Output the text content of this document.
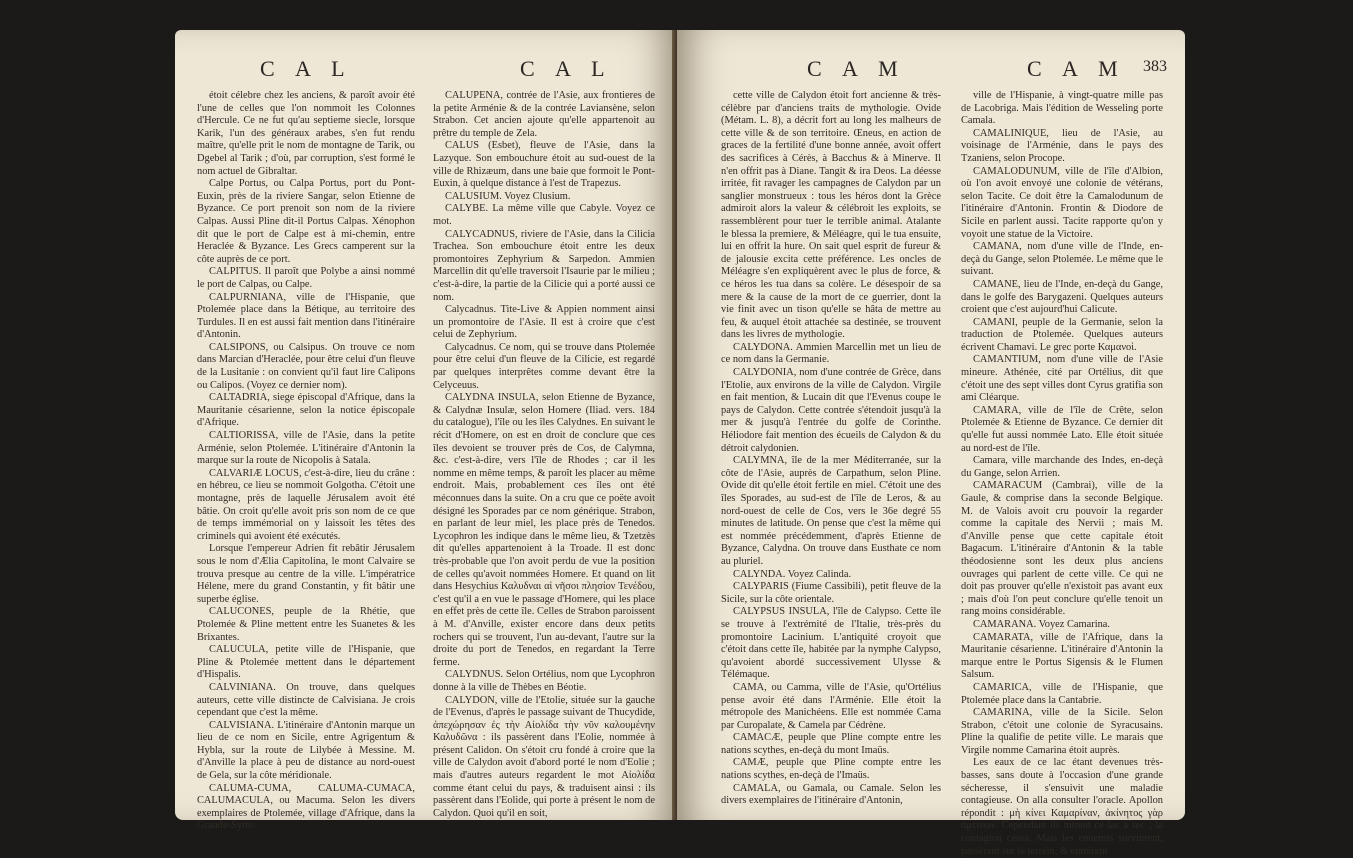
C A L	C A L

étoit célebre chez les anciens, & paroît avoir été l'une de celles que l'on nommoit les Colonnes d'Hercule. Ce ne fut qu'au septieme siecle, lorsque Karik, l'un des généraux arabes, s'en fut rendu maître, qu'elle prit le nom de montagne de Tarik, ou Dgebel al Tarik ; d'où, par corruption, s'est formé le nom actuel de Gibraltar.

Calpe Portus, ou Calpa Portus, port du Pont-Euxin, près de la riviere Sangar, selon Etienne de Byzance. Ce port prenoit son nom de la riviere Calpas. Aussi Pline dit-il Portus Calpas. Xénophon dit que le port de Calpe est à mi-chemin, entre Heraclée & Byzance. Les Grecs camperent sur la côte auprès de ce port.

CALPITUS. Il paroît que Polybe a ainsi nommé le port de Calpas, ou Calpe.

CALPURNIANA, ville de l'Hispanie, que Ptolemée place dans la Bétique, au territoire des Turdules. Il en est aussi fait mention dans l'itinéraire d'Antonin.

CALSIPONS, ou Calsipus. On trouve ce nom dans Marcian d'Heraclée, pour être celui d'un fleuve de la Lusitanie : on convient qu'il faut lire Calipons ou Calipos. (Voyez ce dernier nom).

CALTADRIA, siege épiscopal d'Afrique, dans la Mauritanie césarienne, selon la notice épiscopale d'Afrique.

CALTIORISSA, ville de l'Asie, dans la petite Arménie, selon Ptolemée. L'itinéraire d'Antonin la marque sur la route de Nicopolis à Satala.

CALVARIÆ LOCUS, c'est-à-dire, lieu du crâne : en hébreu, ce lieu se nommoit Golgotha. C'étoit une montagne, près de laquelle Jérusalem avoit été bâtie. On croit qu'elle avoit pris son nom de ce que de temps immémorial on y laissoit les têtes des criminels qui avoient été exécutés.

Lorsque l'empereur Adrien fit rebâtir Jérusalem sous le nom d'Ælia Capitolina, le mont Calvaire se trouva presque au centre de la ville. L'impératrice Hélene, mere du grand Constantin, y fit bâtir une superbe église.

CALUCONES, peuple de la Rhétie, que Ptolemée & Pline mettent entre les Suanetes & les Brixantes.

CALUCULA, petite ville de l'Hispanie, que Pline & Ptolemée mettent dans le département d'Hispalis.

CALVINIANA. On trouve, dans quelques auteurs, cette ville distincte de Calvisiana. Je crois cependant que c'est la même.

CALVISIANA. L'itinéraire d'Antonin marque un lieu de ce nom en Sicile, entre Agrigentum & Hybla, sur la route de Lilybée à Messine. M. d'Anville la place à peu de distance au nord-ouest de Gela, sur la côte méridionale.

CALUMA-CUMA, CALUMA-CUMACA, CALUMACULA, ou Macuma. Selon les divers exemplaires de Ptolemée, village d'Afrique, dans la Grande-Syrte.

CALUPENA, contrée de l'Asie, aux frontieres de la petite Arménie & de la contrée Laviansène, selon Strabon. Cet ancien ajoute qu'elle appartenoit au prêtre du temple de Zela.

CALUS (Esbet), fleuve de l'Asie, dans la Lazyque. Son embouchure étoit au sud-ouest de la ville de Rhizæum, dans une baie que formoit le Pont-Euxin, à quelque distance à l'est de Trapezus.

CALUSIUM. Voyez Clusium.

CALYBE. La même ville que Cabyle. Voyez ce mot.

CALYCADNUS, riviere de l'Asie, dans la Cilicia Trachea. Son embouchure étoit entre les deux promontoires Zephyrium & Sarpedon. Ammien Marcellin dit qu'elle traversoit l'Isaurie par le milieu ; c'est-à-dire, la partie de la Cilicie qui a porté aussi ce nom.

Calycadnus. Tite-Live & Appien nomment ainsi un promontoire de l'Asie. Il est à croire que c'est celui de Zephyrium.

Calycadnus. Ce nom, qui se trouve dans Ptolemée pour être celui d'un fleuve de la Cilicie, est regardé par quelques interprêtes comme devant être la Celyceuus.

CALYDNA INSULA, selon Etienne de Byzance, & Calydnæ Insulæ, selon Homere (Iliad. vers. 184 du catalogue), l'île ou les îles Calydnes. En suivant le récit d'Homere, on est en droit de conclure que ces îles devoient se trouver près de Cos, de Calymna, &c. c'est-à-dire, vers l'île de Rhodes ; car il les nomme en même temps, & paroît les placer au même endroit. Mais, probablement ces îles ont été méconnues dans la suite. On a cru que ce poëte avoit désigné les Sporades par ce nom générique. Strabon, en parlant de leur miel, les place près de Tenedos. Lycophron les indique dans le même lieu, & Tzetzès dit qu'elles appartenoient à la Troade. Il est donc très-probable que l'on avoit perdu de vue la position de celles qu'avoit nommées Homere. Et quand on lit dans Hesychius Καλυδναι αἱ νῆσοι πλησίον Τενέδου, c'est qu'il a en vue le passage d'Homere, qui les place en effet près de cette île. Celles de Strabon paroissent à M. d'Anville, exister encore dans deux petits rochers qui se trouvent, l'un au-devant, l'autre sur la droite du port de Tenedos, en regardant la Terre ferme.

CALYDNUS. Selon Ortélius, nom que Lycophron donne à la ville de Thèbes en Béotie.

CALYDON, ville de l'Etolie, située sur la gauche de l'Evenus, d'après le passage suivant de Thucydide, ἀπεχώρησαν ἐς τὴν Αἰολίδα τὴν νῦν καλουμένην Καλυδῶνα : ils passèrent dans l'Eolie, nommée à présent Calidon. On s'étoit cru fondé à croire que la ville de Calydon avoit d'abord porté le nom d'Eolie ; mais d'autres auteurs regardent le mot Αἰολίδα comme étant celui du pays, & traduisent ainsi : ils passèrent dans l'Eolide, qui porte à présent le nom de Calydon. Quoi qu'il en soit,

C A M	C A M 383

cette ville de Calydon étoit fort ancienne & très-célèbre par d'anciens traits de mythologie. Ovide (Métam. L. 8), a décrit fort au long les malheurs de cette ville & de son territoire. Œneus, en action de graces de la fertilité d'une bonne année, avoit offert des sacrifices à Cérès, à Bacchus & à Minerve. Il n'en offrit pas à Diane. Tangit & ira Deos. La déesse irritée, fit ravager les campagnes de Calydon par un sanglier monstrueux : tous les héros dont la Grèce admiroit alors la valeur & célébroit les exploits, se rassemblèrent pour tuer le terrible animal. Atalante le blessa la premiere, & Méléagre, qui le tua ensuite, lui en offrit la hure. On sait quel esprit de fureur & de jalousie excita cette préférence. Les oncles de Méléagre s'en expliquèrent avec le plus de force, & ce héros les tua dans sa colère. Le désespoir de sa mere & la cause de la mort de ce guerrier, dont la vie finit avec un tison qu'elle se hâta de mettre au feu, & auquel étoit attachée sa destinée, se trouvent dans les livres de mythologie.

CALYDONA. Ammien Marcellin met un lieu de ce nom dans la Germanie.

CALYDONIA, nom d'une contrée de Grèce, dans l'Etolie, aux environs de la ville de Calydon. Virgile en fait mention, & Lucain dit que l'Evenus coupe le pays de Calydon. Cette contrée s'étendoit jusqu'à la mer & jusqu'à l'entrée du golfe de Corinthe. Héliodore fait mention des écueils de Calydon & du détroit calydonien.

CALYMNA, île de la mer Méditerranée, sur la côte de l'Asie, auprès de Carpathum, selon Pline. Ovide dit qu'elle étoit fertile en miel. C'étoit une des îles Sporades, au sud-est de l'île de Leros, & au nord-ouest de celle de Cos, vers le 36e degré 55 minutes de latitude. On pense que c'est la même qui est nommée précédemment, d'après Etienne de Byzance, Calydna. On trouve dans Eusthate ce nom au pluriel.

CALYNDA. Voyez Calinda.

CALYPARIS (Fiume Cassibili), petit fleuve de la Sicile, sur la côte orientale.

CALYPSUS INSULA, l'île de Calypso. Cette île se trouve à l'extrémité de l'Italie, très-près du promontoire Lacinium. L'antiquité croyoit que c'étoit dans cette île, habitée par la nymphe Calypso, qu'avoient abordé successivement Ulysse & Télémaque.

CAMA, ou Camma, ville de l'Asie, qu'Ortélius pense avoir été dans l'Arménie. Elle étoit la métropole des Manichéens. Elle est nommée Cama par Curopalate, & Camela par Cédrène.

CAMACÆ, peuple que Pline compte entre les nations scythes, en-deçà du mont Imaüs.

CAMÆ, peuple que Pline compte entre les nations scythes, en-deçà de l'Imaüs.

CAMALA, ou Gamala, ou Camale. Selon les divers exemplaires de l'itinéraire d'Antonin,

ville de l'Hispanie, à vingt-quatre mille pas de Lacobriga. Mais l'édition de Wesseling porte Camala.

CAMALINIQUE, lieu de l'Asie, au voisinage de l'Arménie, dans le pays des Tzaniens, selon Procope.

CAMALODUNUM, ville de l'île d'Albion, où l'on avoit envoyé une colonie de vétérans, selon Tacite. Ce doit être la Camalodunum de l'itinéraire d'Antonin. Frontin & Diodore de Sicile en parlent aussi. Tacite rapporte qu'on y voyoit une statue de la Victoire.

CAMANA, nom d'une ville de l'Inde, en-deçà du Gange, selon Ptolemée. Le même que le suivant.

CAMANE, lieu de l'Inde, en-deçà du Gange, dans le golfe des Barygazeni. Quelques auteurs croient que c'est aujourd'hui Calicute.

CAMANI, peuple de la Germanie, selon la traduction de Ptolemée. Quelques auteurs écrivent Chamavi. Le grec porte Καμανοὶ.

CAMANTIUM, nom d'une ville de l'Asie mineure. Athénée, cité par Ortélius, dit que c'étoit une des sept villes dont Cyrus gratifia son ami Cléarque.

CAMARA, ville de l'île de Crête, selon Ptolemée & Etienne de Byzance. Ce dernier dit qu'elle fut aussi nommée Lato. Elle étoit située au nord-est de l'île.

Camara, ville marchande des Indes, en-deçà du Gange, selon Arrien.

CAMARACUM (Cambrai), ville de la Gaule, & comprise dans la seconde Belgique. M. de Valois avoit cru pouvoir la regarder comme la capitale des Nervii ; mais M. d'Anville pense que cette capitale étoit Bagacum. L'itinéraire d'Antonin & la table théodosienne sont les deux plus anciens ouvrages qui parlent de cette ville. Ce qui ne doit pas prouver qu'elle n'existoit pas avant eux ; mais d'où l'on peut conclure qu'elle tenoit un rang moins considérable.

CAMARANA. Voyez Camarina.

CAMARATA, ville de l'Afrique, dans la Mauritanie césarienne. L'itinéraire d'Antonin la marque entre le Portus Sigensis & le Flumen Salsum.

CAMARICA, ville de l'Hispanie, que Ptolemée place dans la Cantabrie.

CAMARINA, ville de la Sicile. Selon Strabon, c'étoit une colonie de Syracusains. Pline la qualifie de petite ville. Le marais que Virgile nomme Camarina étoit auprès.

Les eaux de ce lac étant devenues très-basses, sans doute à l'occasion d'une grande sécheresse, il s'ensuivit une maladie contagieuse. On alla consulter l'oracle. Apollon répondit : μὴ κίνει Καμαρίναν, ἀκίνητος γὰρ ἀμείνων. Cependant ils mirent ce lac à sec ; la contagion cessa. Mais les ennemis survinrent, passèrent sur le terrein, & entrèrent
